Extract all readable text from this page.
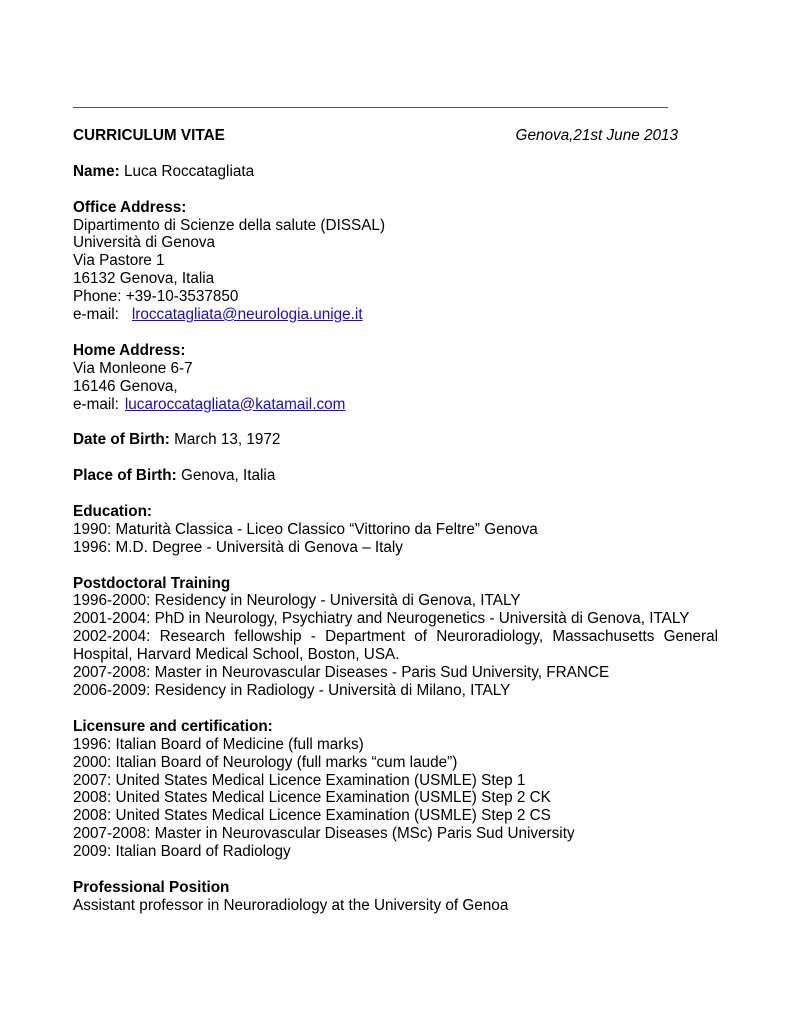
CURRICULUM VITAE	Genova,21st June 2013
Name: Luca Roccatagliata
Office Address:
Dipartimento di Scienze della salute (DISSAL)
Università di Genova
Via Pastore 1
16132 Genova, Italia
Phone: +39-10-3537850
e-mail: lroccatagliata@neurologia.unige.it
Home Address:
Via Monleone 6-7
16146 Genova,
e-mail: lucaroccatagliata@katamail.com
Date of Birth: March 13, 1972
Place of Birth: Genova, Italia
Education:
1990: Maturità Classica - Liceo Classico “Vittorino da Feltre” Genova
1996: M.D. Degree - Università di Genova – Italy
Postdoctoral Training
1996-2000: Residency in Neurology - Università di Genova, ITALY
2001-2004: PhD in Neurology, Psychiatry and Neurogenetics - Università di Genova, ITALY
2002-2004: Research fellowship - Department of Neuroradiology, Massachusetts General Hospital, Harvard Medical School, Boston, USA.
2007-2008: Master in Neurovascular Diseases - Paris Sud University, FRANCE
2006-2009: Residency in Radiology - Università di Milano, ITALY
Licensure and certification:
1996: Italian Board of Medicine (full marks)
2000: Italian Board of Neurology (full marks “cum laude”)
2007: United States Medical Licence Examination (USMLE) Step 1
2008: United States Medical Licence Examination (USMLE) Step 2 CK
2008: United States Medical Licence Examination (USMLE) Step 2 CS
2007-2008: Master in Neurovascular Diseases (MSc) Paris Sud University
2009: Italian Board of Radiology
Professional Position
Assistant professor in Neuroradiology at the University of Genoa
